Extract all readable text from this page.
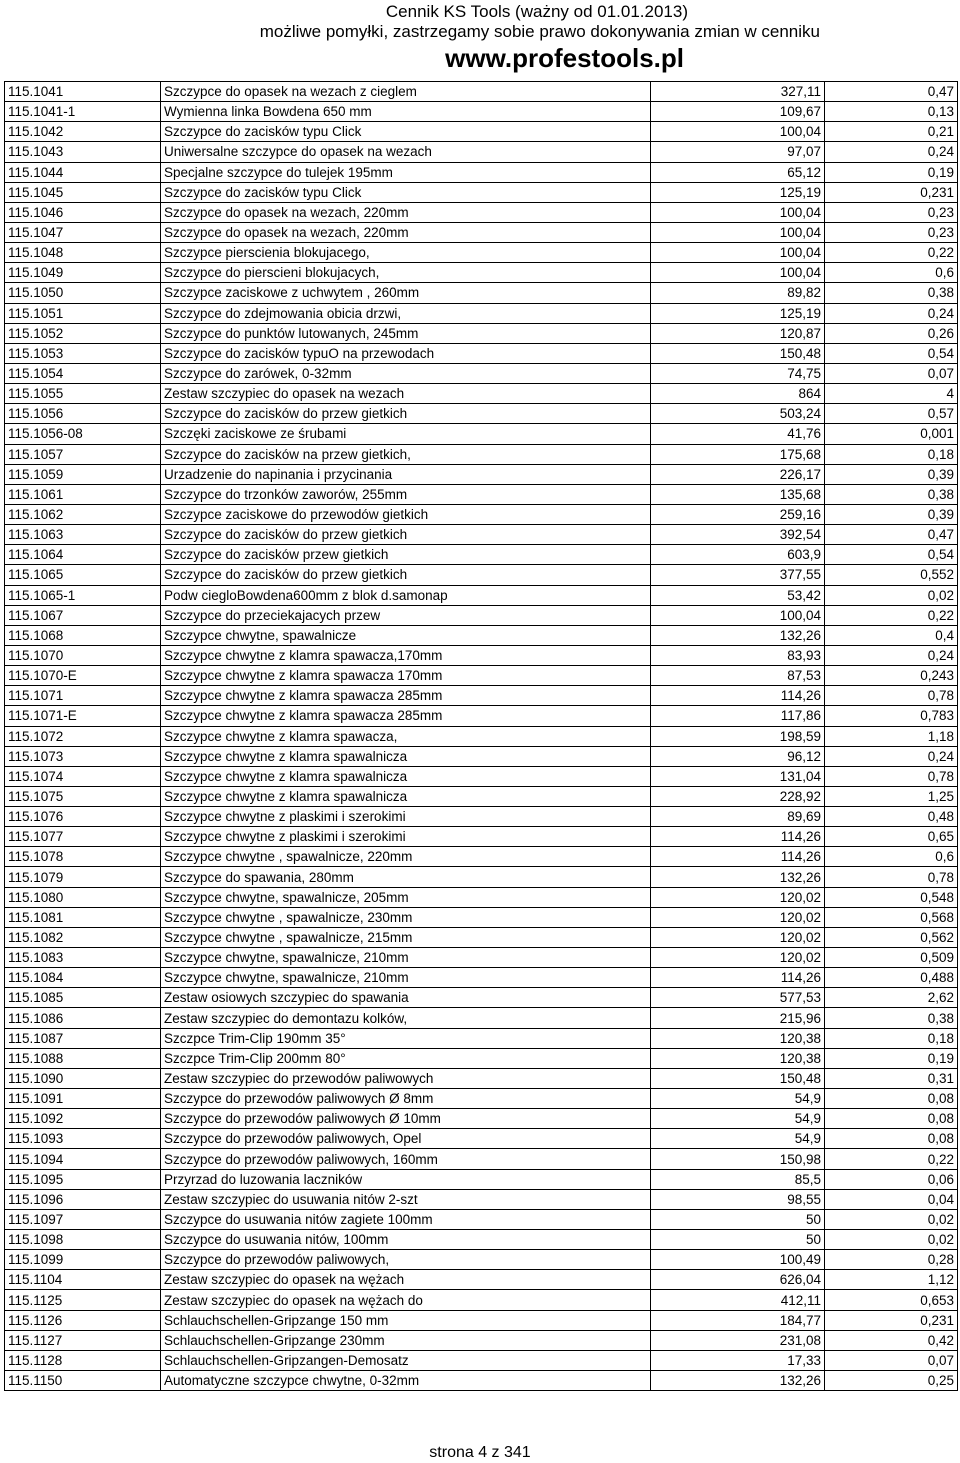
Cennik KS Tools (ważny od 01.01.2013)
możliwe pomyłki, zastrzegamy sobie prawo dokonywania zmian w cenniku
www.profestools.pl
115.1041	Szczypce do opasek na wezach z cieglem	327,11	0,47
115.1041-1	Wymienna linka Bowdena 650 mm	109,67	0,13
115.1042	Szczypce do zacisków typu Click	100,04	0,21
115.1043	Uniwersalne szczypce do opasek na wezach	97,07	0,24
115.1044	Specjalne szczypce do tulejek 195mm	65,12	0,19
115.1045	Szczypce do zacisków typu Click	125,19	0,231
115.1046	Szczypce do opasek na wezach, 220mm	100,04	0,23
115.1047	Szczypce do opasek na wezach, 220mm	100,04	0,23
115.1048	Szczypce pierscienia blokujacego,	100,04	0,22
115.1049	Szczypce do pierscieni blokujacych,	100,04	0,6
115.1050	Szczypce zaciskowe z uchwytem , 260mm	89,82	0,38
115.1051	Szczypce do zdejmowania obicia drzwi,	125,19	0,24
115.1052	Szczypce do punktów lutowanych, 245mm	120,87	0,26
115.1053	Szczypce do zacisków typuO na przewodach	150,48	0,54
115.1054	Szczypce do zarówek, 0-32mm	74,75	0,07
115.1055	Zestaw szczypiec do opasek na wezach	864	4
115.1056	Szczypce do zacisków do przew gietkich	503,24	0,57
115.1056-08	Szczęki zaciskowe ze śrubami	41,76	0,001
115.1057	Szczypce do zacisków na przew gietkich,	175,68	0,18
115.1059	Urzadzenie do napinania i przycinania	226,17	0,39
115.1061	Szczypce do trzonków zaworów, 255mm	135,68	0,38
115.1062	Szczypce zaciskowe do przewodów gietkich	259,16	0,39
115.1063	Szczypce do zacisków do przew gietkich	392,54	0,47
115.1064	Szczypce do zacisków przew gietkich	603,9	0,54
115.1065	Szczypce do zacisków do przew gietkich	377,55	0,552
115.1065-1	Podw ciegloBowdena600mm z blok d.samonap	53,42	0,02
115.1067	Szczypce do przeciekajacych przew	100,04	0,22
115.1068	Szczypce chwytne, spawalnicze	132,26	0,4
115.1070	Szczypce chwytne z klamra spawacza,170mm	83,93	0,24
115.1070-E	Szczypce chwytne z klamra spawacza 170mm	87,53	0,243
115.1071	Szczypce chwytne z klamra spawacza 285mm	114,26	0,78
115.1071-E	Szczypce chwytne z klamra spawacza 285mm	117,86	0,783
115.1072	Szczypce chwytne z klamra spawacza,	198,59	1,18
115.1073	Szczypce chwytne z klamra spawalnicza	96,12	0,24
115.1074	Szczypce chwytne z klamra spawalnicza	131,04	0,78
115.1075	Szczypce chwytne z klamra spawalnicza	228,92	1,25
115.1076	Szczypce chwytne z plaskimi i szerokimi	89,69	0,48
115.1077	Szczypce chwytne z plaskimi i szerokimi	114,26	0,65
115.1078	Szczypce chwytne , spawalnicze, 220mm	114,26	0,6
115.1079	Szczypce do spawania, 280mm	132,26	0,78
115.1080	Szczypce chwytne, spawalnicze, 205mm	120,02	0,548
115.1081	Szczypce chwytne , spawalnicze, 230mm	120,02	0,568
115.1082	Szczypce chwytne , spawalnicze, 215mm	120,02	0,562
115.1083	Szczypce chwytne, spawalnicze, 210mm	120,02	0,509
115.1084	Szczypce chwytne, spawalnicze, 210mm	114,26	0,488
115.1085	Zestaw osiowych szczypiec do spawania	577,53	2,62
115.1086	Zestaw szczypiec do demontazu kolków,	215,96	0,38
115.1087	Szczpce Trim-Clip 190mm 35°	120,38	0,18
115.1088	Szczpce Trim-Clip 200mm 80°	120,38	0,19
115.1090	Zestaw szczypiec do przewodów paliwowych	150,48	0,31
115.1091	Szczypce do przewodów paliwowych Ø 8mm	54,9	0,08
115.1092	Szczypce do przewodów paliwowych Ø 10mm	54,9	0,08
115.1093	Szczypce do przewodów paliwowych, Opel	54,9	0,08
115.1094	Szczypce do przewodów paliwowych, 160mm	150,98	0,22
115.1095	Przyrzad do luzowania laczników	85,5	0,06
115.1096	Zestaw szczypiec do usuwania nitów 2-szt	98,55	0,04
115.1097	Szczypce do usuwania nitów zagiete 100mm	50	0,02
115.1098	Szczypce do usuwania nitów, 100mm	50	0,02
115.1099	Szczypce do przewodów paliwowych,	100,49	0,28
115.1104	Zestaw szczypiec do opasek na wężach	626,04	1,12
115.1125	Zestaw szczypiec do opasek na wężach do	412,11	0,653
115.1126	Schlauchschellen-Gripzange 150 mm	184,77	0,231
115.1127	Schlauchschellen-Gripzange 230mm	231,08	0,42
115.1128	Schlauchschellen-Gripzangen-Demosatz	17,33	0,07
115.1150	Automatyczne szczypce chwytne, 0-32mm	132,26	0,25
strona 4 z 341
